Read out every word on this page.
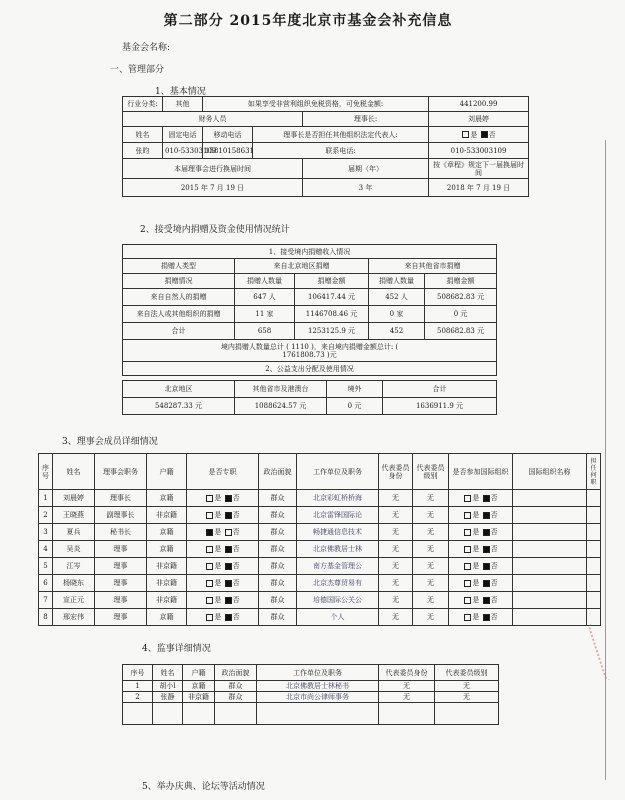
第二部分 2015年度北京市基金会补充信息
基金会名称:
一、管理部分
1、基本情况
行业分类:	其他	如果享受非营利组织免税资格，可免税金额:			441200.99
财务人员				理事长:	刘晨婷
姓名	固定电话	移动电话	理事长是否担任其他组织法定代表人:		是 否
张昀	010-53303109	15810158631	联系电话:		010-533003109
本届理事会进行换届时间				届期（年）	按《章程》规定下一届换届时间
2015 年 7 月 19 日				3 年	2018 年 7 月 19 日
2、接受境内捐赠及资金使用情况统计
1、接受境内捐赠收入情况				
捐赠人类型	来自北京地区捐赠		来自其他省市捐赠	
捐赠情况	捐赠人数量	捐赠金额	捐赠人数量	捐赠金额
来自自然人的捐赠	647 人	106417.44 元	452 人	508682.83 元
来自法人或其他组织的捐赠	11 家	1146708.46 元	0 家	0 元
合计	658	1253125.9 元	452	508682.83 元

境内捐赠人数量总计 ( 1110 )，来自境内捐赠金额总计: (
1761808.73 )元				

2、公益支出分配及使用情况				
北京地区	其他省市及港澳台	境外	合计
548287.33 元	1088624.57 元	0 元	1636911.9 元
3、理事会成员详细情况
序号	姓名	理事会职务	户籍	是否专职	政治面貌	工作单位及职务	代表委员身份	代表委员级别	是否参加国际组织	国际组织名称	担任何职
1	刘晨婷	理事长	京籍	是 否	群众	北京彩虹桥桥海	无	无	是 否		
2	王晓燕	副理事长	非京籍	是 否	群众	北京雷锋国际论	无	无	是 否		
3	夏兵	秘书长	京籍	是 否	群众	畅捷通信息技术	无	无	是 否		
4	吴炎	理事	京籍	是 否	群众	北京佛教居士林	无	无	是 否		
5	江岑	理事	非京籍	是 否	群众	南方基金管理公	无	无	是 否		
6	杨晓东	理事	非京籍	是 否	群众	北京杰尊贸易有	无	无	是 否		
7	宣正元	理事	非京籍	是 否	群众	培德国际公关公	无	无	是 否		
8	邢宏伟	理事	京籍	是 否	群众	个人	无	无	是 否		
4、监事详细情况
序号	姓名	户籍	政治面貌	工作单位及职务	代表委员身份	代表委员级别
1	胡小l	京籍	群众	北京佛教居士林秘书	无	无
2	张静	非京籍	群众	北京市尚公律师事务	无	无

5、举办庆典、论坛等活动情况
